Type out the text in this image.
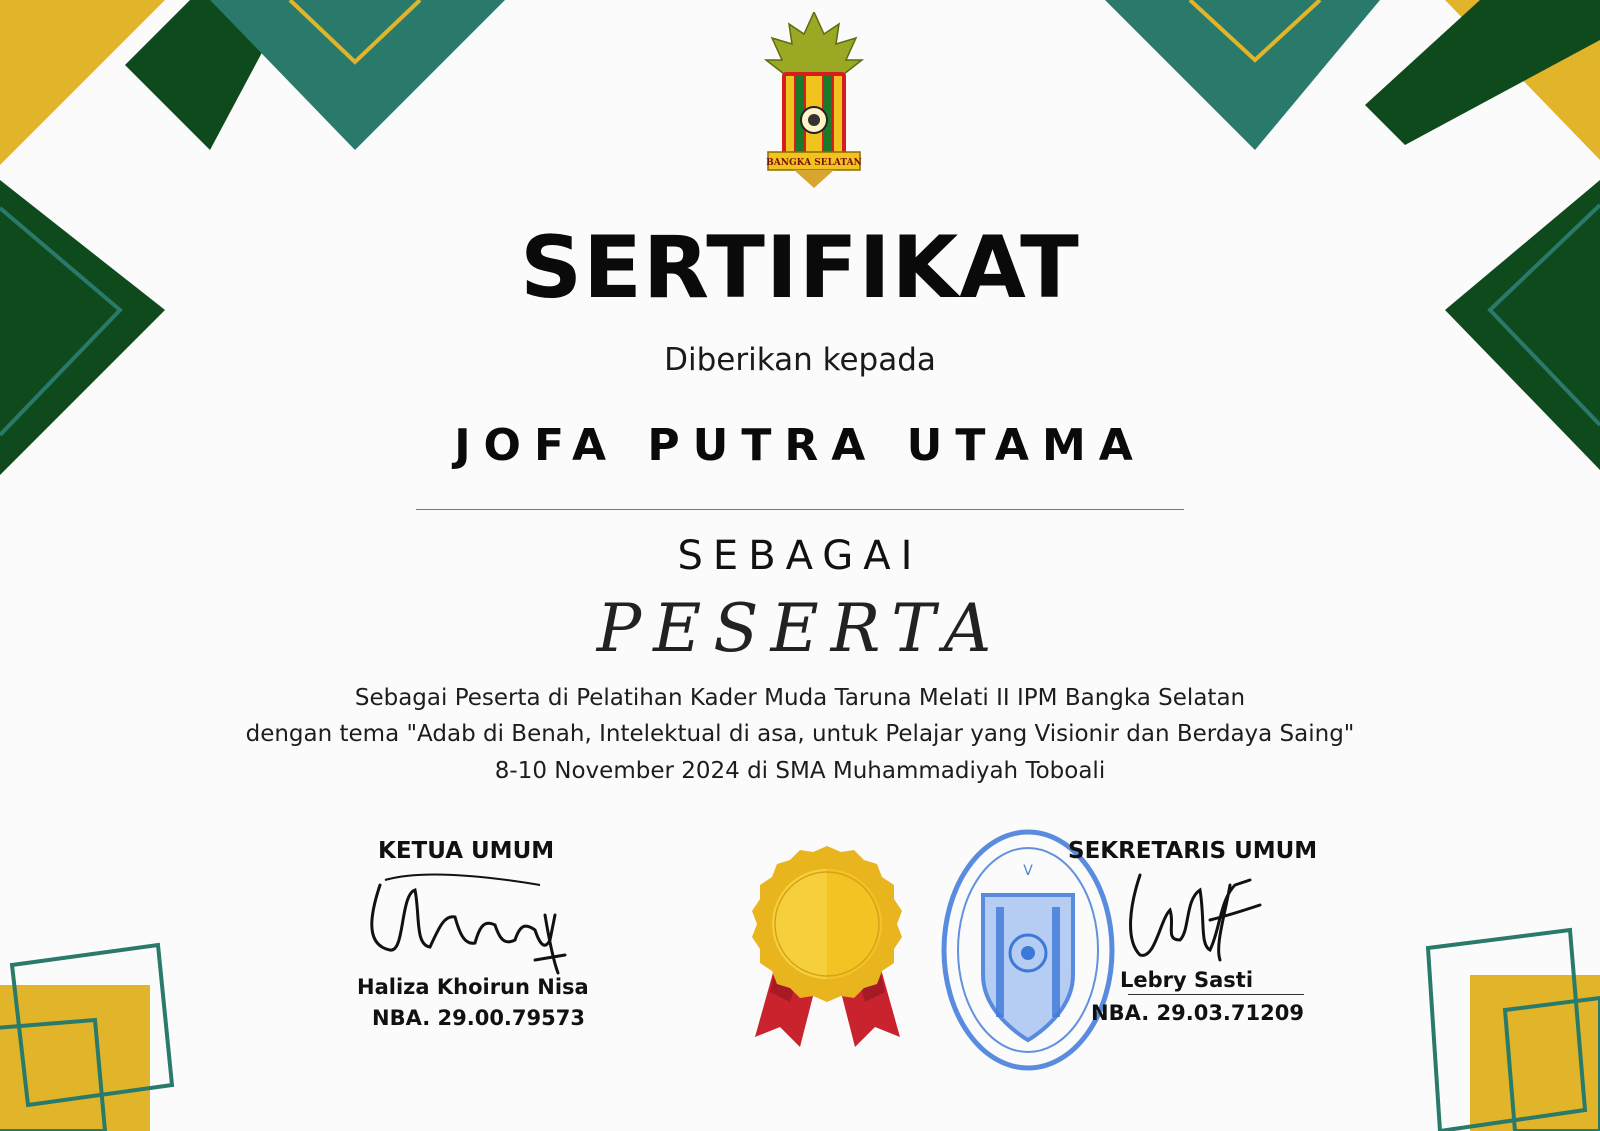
BANGKA SELATAN
SERTIFIKAT
Diberikan kepada
JOFA PUTRA UTAMA
SEBAGAI
PESERTA
Sebagai Peserta di Pelatihan Kader Muda Taruna Melati II IPM Bangka Selatan
dengan tema "Adab di Benah, Intelektual di asa, untuk Pelajar yang Visionir dan Berdaya Saing"
8-10 November 2024 di SMA Muhammadiyah Toboali
KETUA UMUM
Haliza Khoirun Nisa
NBA. 29.00.79573
V
SEKRETARIS UMUM
Lebry Sasti
NBA. 29.03.71209
